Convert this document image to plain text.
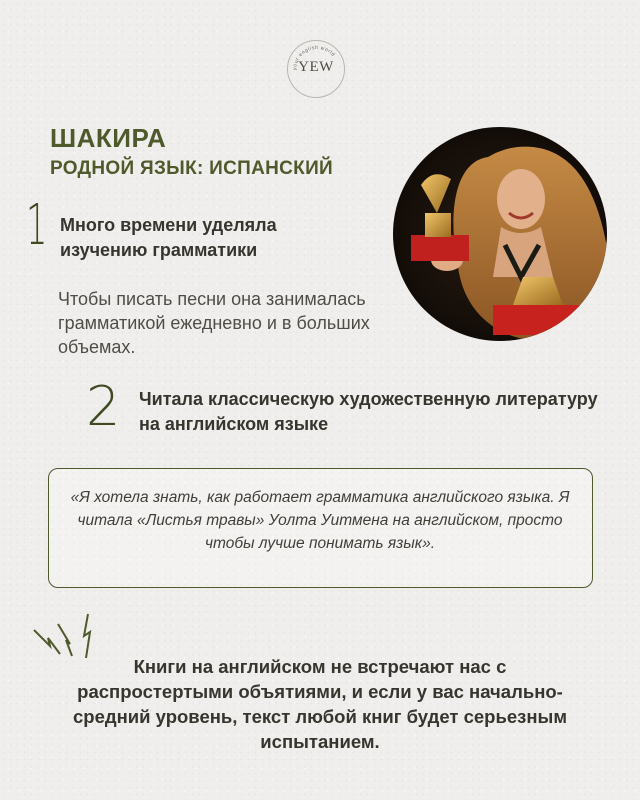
your english world
YEW
ШАКИРА
РОДНОЙ ЯЗЫК: ИСПАНСКИЙ
1 Много времени уделяла изучению грамматики
Чтобы писать песни она занималась грамматикой ежедневно и в больших объемах.
2 Читала классическую художественную литературу на английском языке
«Я хотела знать, как работает грамматика английского языка. Я читала «Листья травы» Уолта Уитмена на английском, просто чтобы лучше понимать язык».
Книги на английском не встречают нас с распростертыми объятиями, и если у вас начально-средний уровень, текст любой книг будет серьезным испытанием.
